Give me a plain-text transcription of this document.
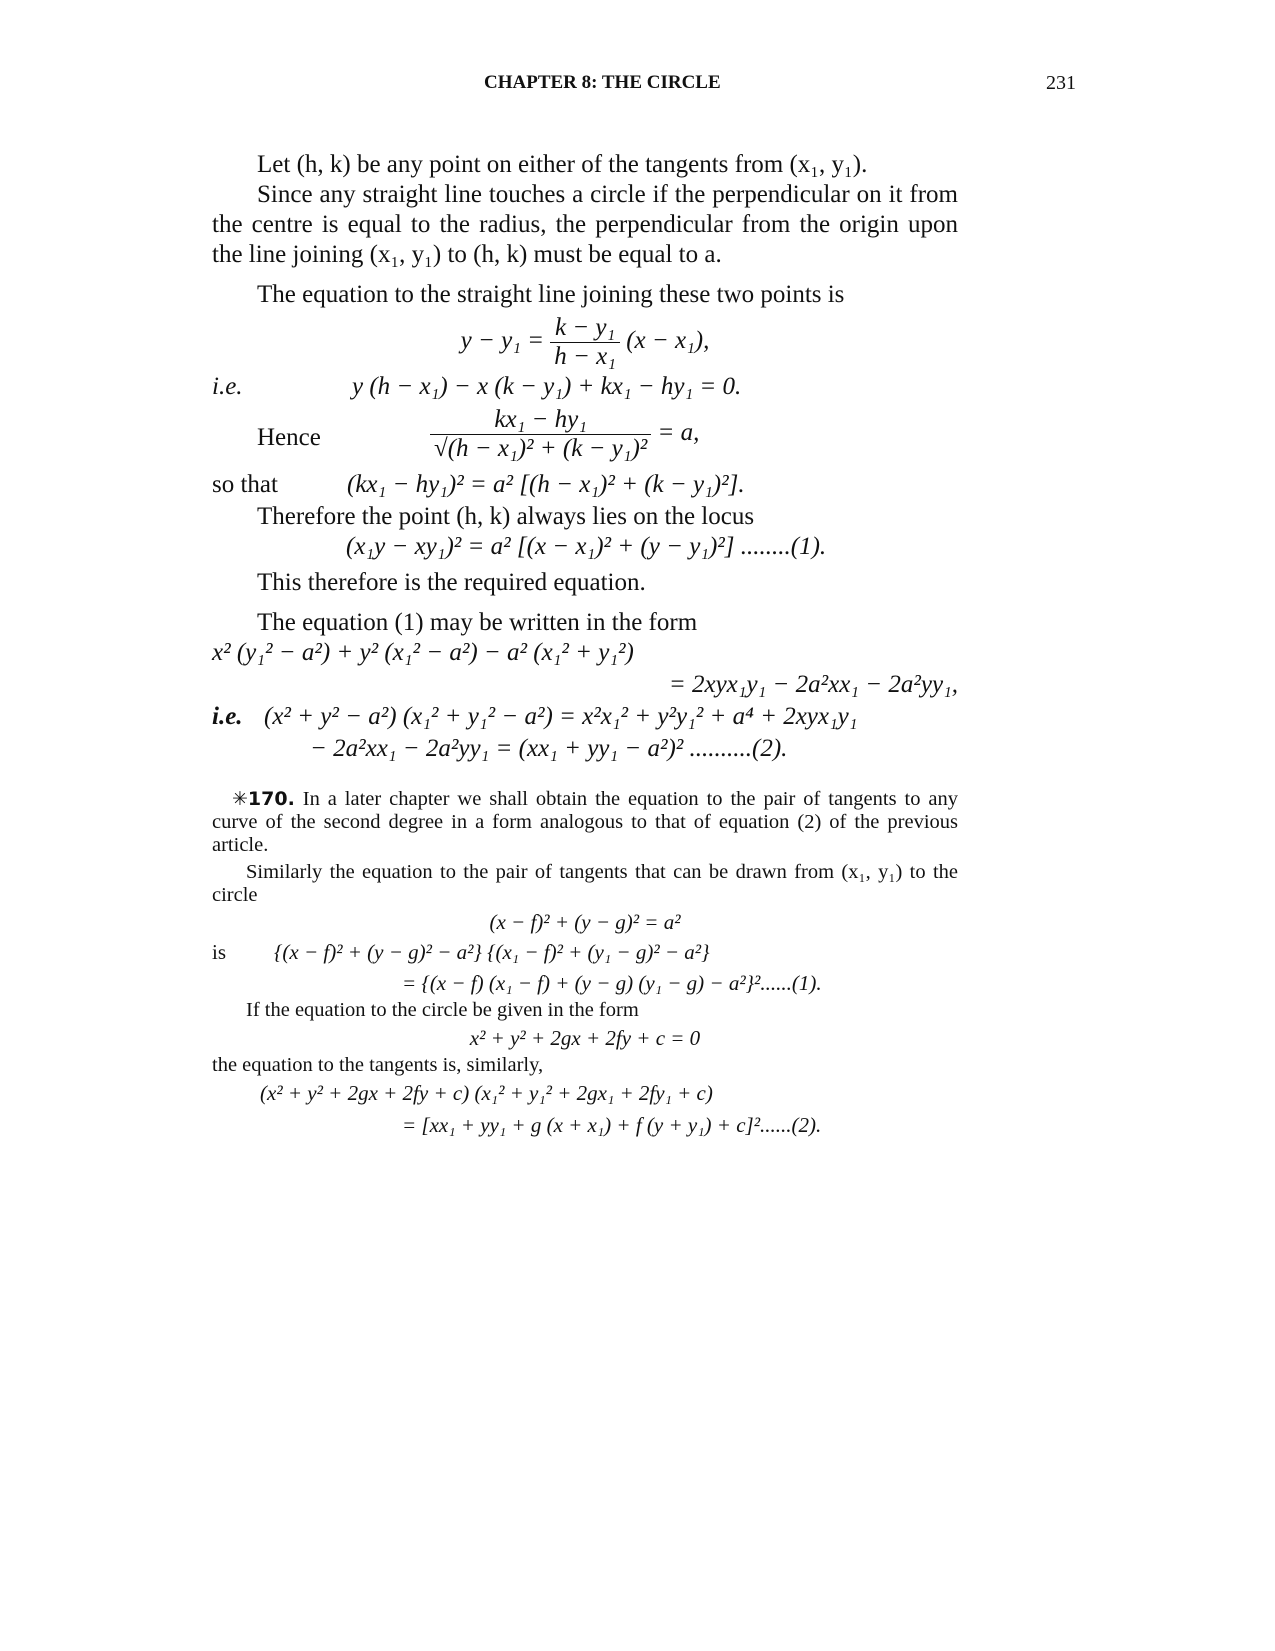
CHAPTER 8: THE CIRCLE	231

Let (h, k) be any point on either of the tangents from (x₁, y₁).

Since any straight line touches a circle if the perpendicular on it from the centre is equal to the radius, the perpendicular from the origin upon the line joining (x₁, y₁) to (h, k) must be equal to a.

The equation to the straight line joining these two points is

$y - y_1 = \frac{\text{k − y₁}}{\text{h − x₁}} (x - x_1)$,
i.e.	y (h − x₁) − x (k − y₁) + kx₁ − hy₁ = 0.
Hence	$\frac{\text{kx₁ − hy₁}}{\text{√(h − x₁)² + (k − y₁)²}} = a$,
so that	(kx₁ − hy₁)² = a² [(h − x₁)² + (k − y₁)²].

Therefore the point (h, k) always lies on the locus

(x₁y − xy₁)² = a² [(x − x₁)² + (y − y₁)²] ........(1).

This therefore is the required equation.

The equation (1) may be written in the form

x² (y₁² − a²) + y² (x₁² − a²) − a² (x₁² + y₁²)
= 2xyx₁y₁ − 2a²xx₁ − 2a²yy₁,
i.e. (x² + y² − a²) (x₁² + y₁² − a²) = x²x₁² + y²y₁² + a⁴ + 2xyx₁y₁
− 2a²xx₁ − 2a²yy₁ = (xx₁ + yy₁ − a²)² ..........(2).

✳170. In a later chapter we shall obtain the equation to the pair of tangents to any curve of the second degree in a form analogous to that of equation (2) of the previous article.

Similarly the equation to the pair of tangents that can be drawn from (x₁, y₁) to the circle

(x − f)² + (y − g)² = a²
is	{(x − f)² + (y − g)² − a²} {(x₁ − f)² + (y₁ − g)² − a²}
= {(x − f) (x₁ − f) + (y − g) (y₁ − g) − a²}²......(1).

If the equation to the circle be given in the form

x² + y² + 2gx + 2fy + c = 0

the equation to the tangents is, similarly,

(x² + y² + 2gx + 2fy + c) (x₁² + y₁² + 2gx₁ + 2fy₁ + c)
= [xx₁ + yy₁ + g (x + x₁) + f (y + y₁) + c]²......(2).
